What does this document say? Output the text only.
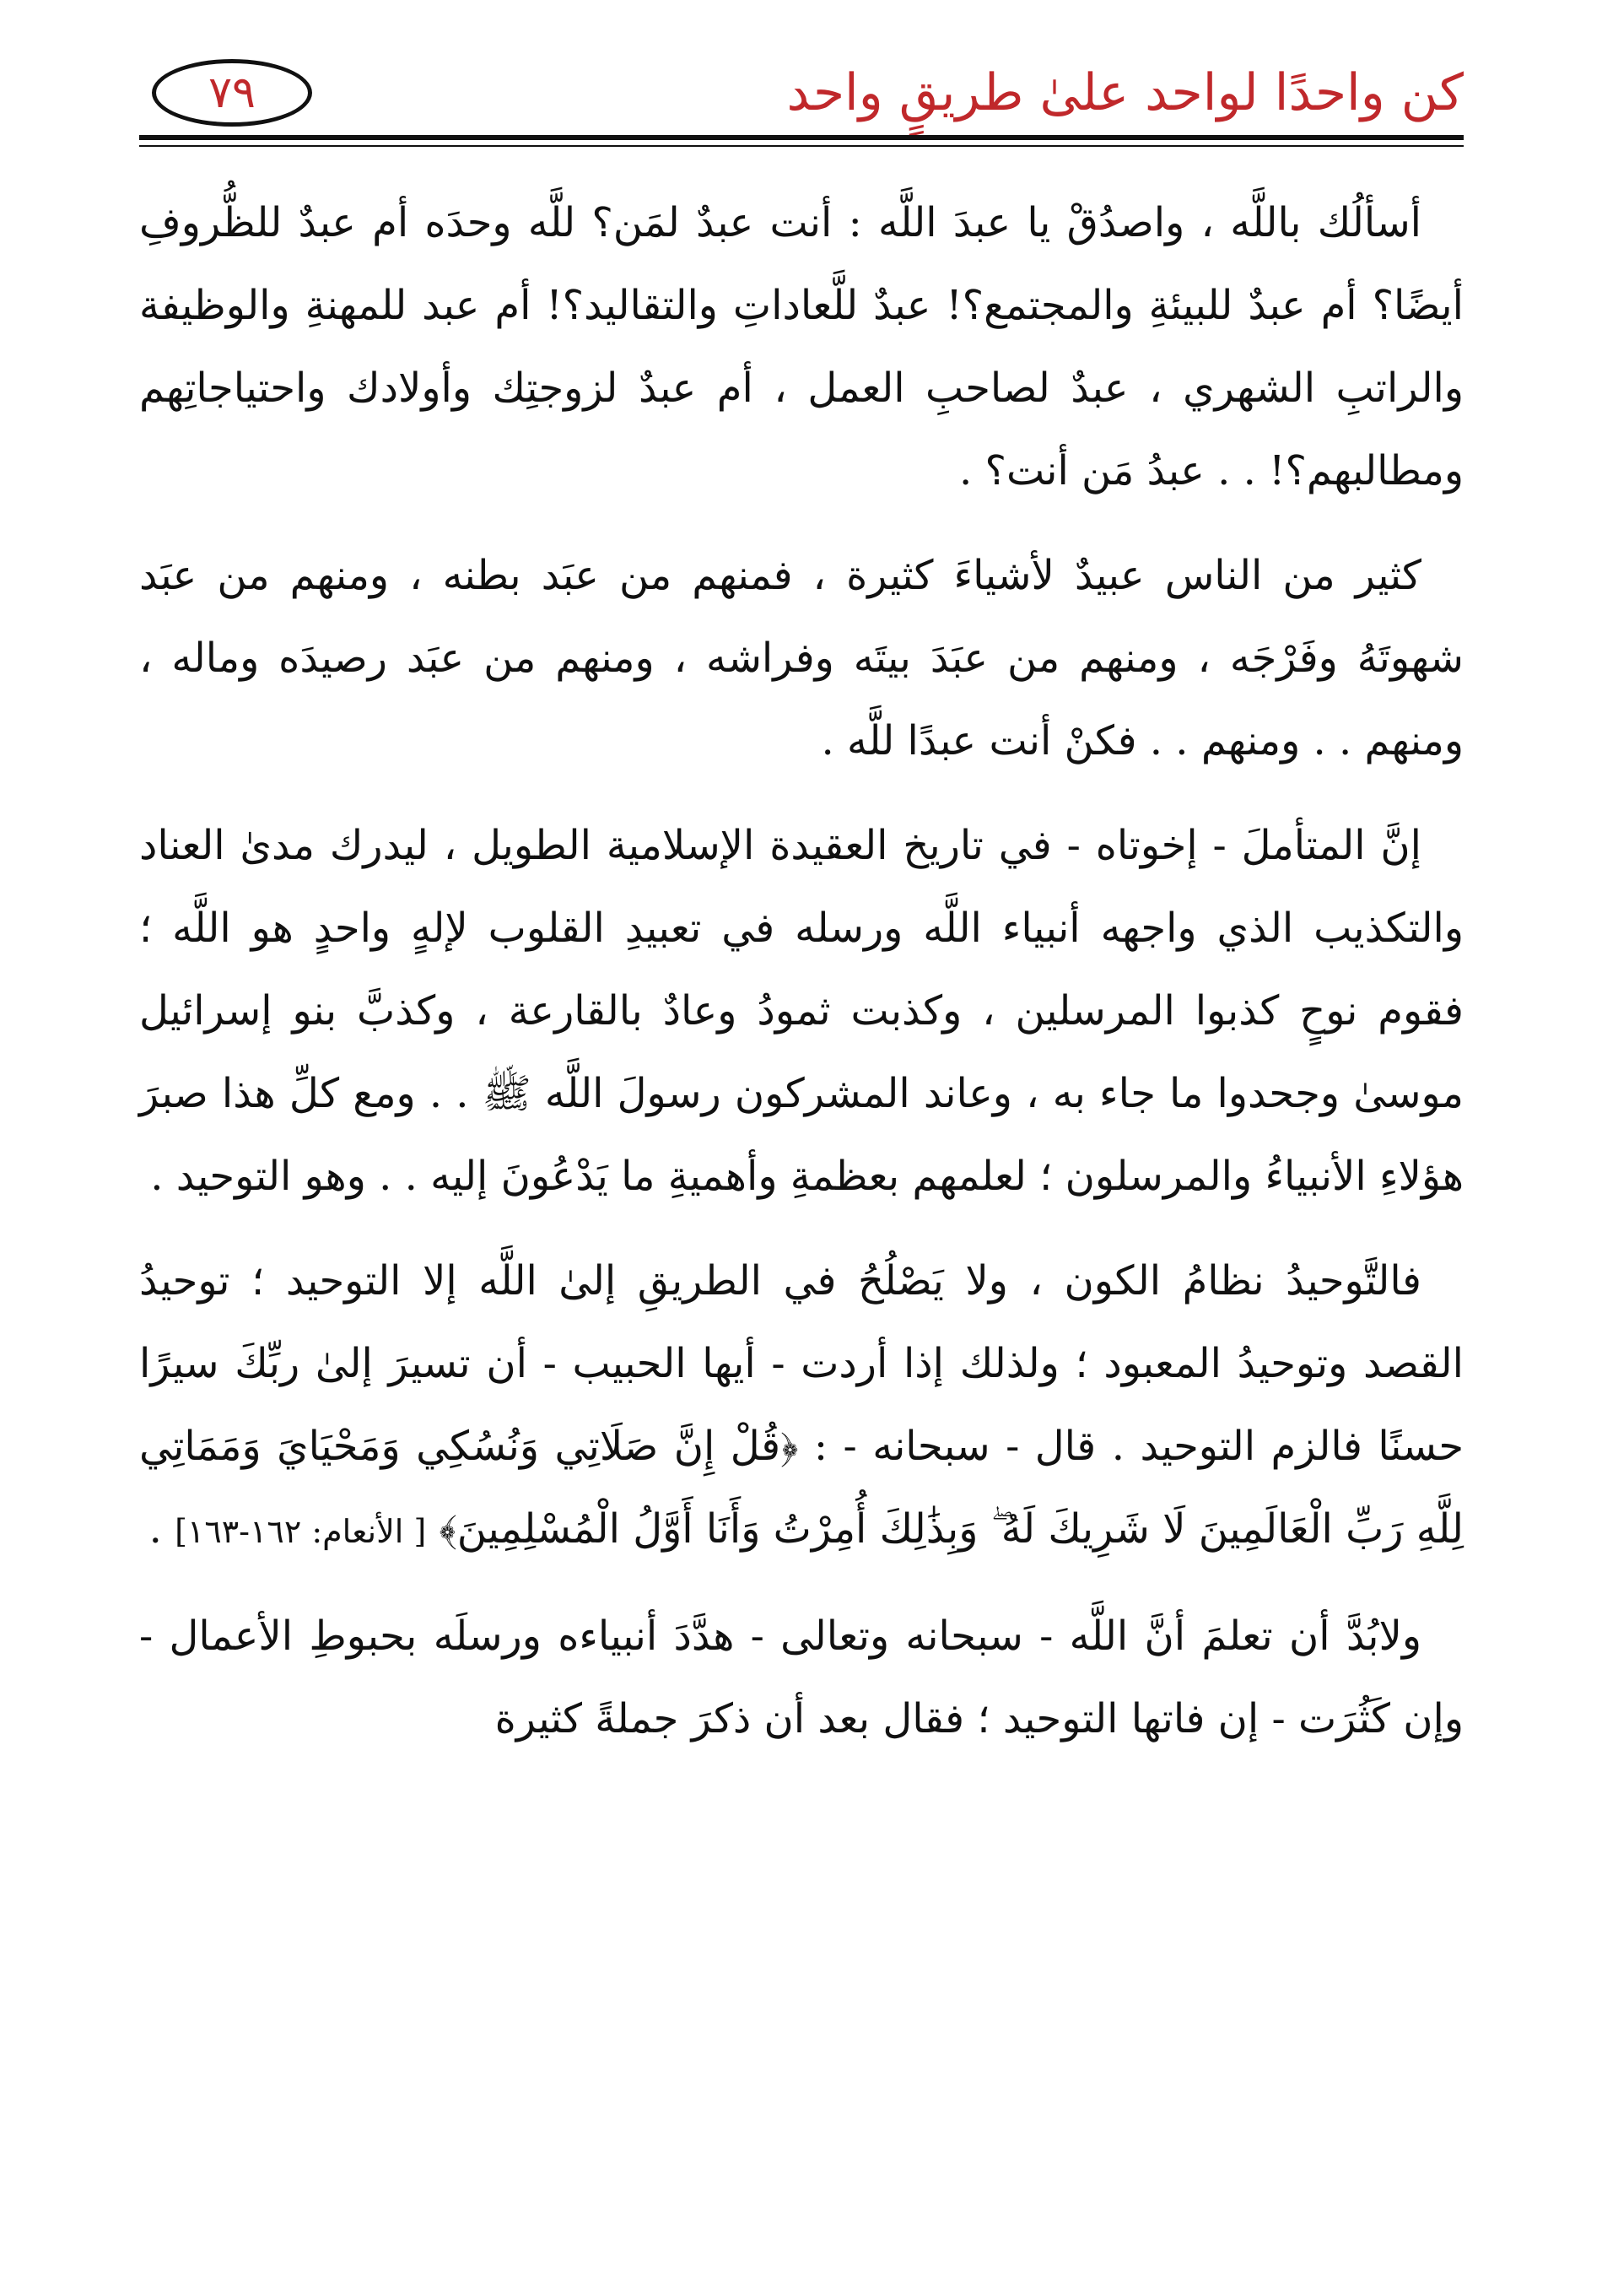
كن واحدًا لواحد علىٰ طريقٍ واحد
٧٩

أسألُك باللَّه ، واصدُقْ يا عبدَ اللَّه : أنت عبدٌ لمَن؟ للَّه وحدَه أم عبدٌ للظُّروفِ أيضًا؟ أم عبدٌ للبيئةِ والمجتمع؟! عبدٌ للَّعاداتِ والتقاليد؟! أم عبد للمهنةِ والوظيفة والراتبِ الشهري ، عبدٌ لصاحبِ العمل ، أم عبدٌ لزوجتِك وأولادك واحتياجاتِهم ومطالبهم؟! . . عبدُ مَن أنت؟ .

كثير من الناس عبيدٌ لأشياءَ كثيرة ، فمنهم من عبَد بطنه ، ومنهم من عبَد شهوتَهُ وفَرْجَه ، ومنهم من عبَدَ بيتَه وفراشه ، ومنهم من عبَد رصيدَه وماله ، ومنهم . . ومنهم . . فكنْ أنت عبدًا للَّه .

إنَّ المتأملَ - إخوتاه - في تاريخ العقيدة الإسلامية الطويل ، ليدرك مدىٰ العناد والتكذيب الذي واجهه أنبياء اللَّه ورسله في تعبيدِ القلوب لإلهٍ واحدٍ هو اللَّه ؛ فقوم نوحٍ كذبوا المرسلين ، وكذبت ثمودُ وعادٌ بالقارعة ، وكذبَّ بنو إسرائيل موسىٰ وجحدوا ما جاء به ، وعاند المشركون رسولَ اللَّه ﷺ . . ومع كلِّ هذا صبرَ هؤلاءِ الأنبياءُ والمرسلون ؛ لعلمهم بعظمةِ وأهميةِ ما يَدْعُونَ إليه . . وهو التوحيد .

فالتَّوحيدُ نظامُ الكون ، ولا يَصْلُحُ في الطريقِ إلىٰ اللَّه إلا التوحيد ؛ توحيدُ القصد وتوحيدُ المعبود ؛ ولذلك إذا أردت - أيها الحبيب - أن تسيرَ إلىٰ ربِّكَ سيرًا حسنًا فالزم التوحيد . قال - سبحانه - : ﴿قُلْ إِنَّ صَلَاتِي وَنُسُكِي وَمَحْيَايَ وَمَمَاتِي لِلَّهِ رَبِّ الْعَالَمِينَ لَا شَرِيكَ لَهُ ۖ وَبِذَٰلِكَ أُمِرْتُ وَأَنَا أَوَّلُ الْمُسْلِمِينَ﴾ [ الأنعام: ١٦٢-١٦٣] .

ولابُدَّ أن تعلمَ أنَّ اللَّه - سبحانه وتعالى - هدَّدَ أنبياءه ورسلَه بحبوطِ الأعمال - وإن كَثُرَت - إن فاتها التوحيد ؛ فقال بعد أن ذكرَ جملةً كثيرة
